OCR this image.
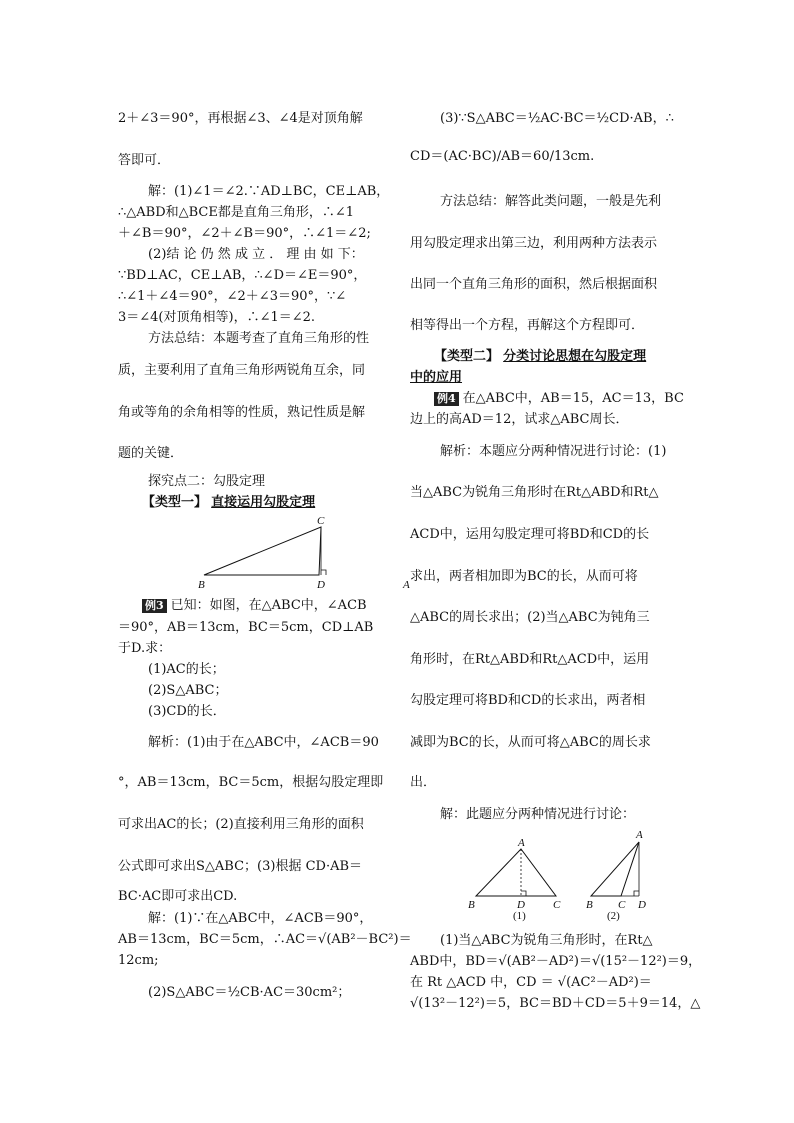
2＋∠3＝90°，再根据∠3、∠4是对顶角解
答即可．
解：(1)∠1＝∠2.∵AD⊥BC，CE⊥AB，
∴△ABD和△BCE都是直角三角形，∴∠1
＋∠B＝90°，∠2＋∠B＝90°，∴∠1＝∠2;
(2)结 论 仍 然 成 立 ． 理 由 如 下：
∵BD⊥AC，CE⊥AB，∴∠D＝∠E＝90°，
∴∠1＋∠4＝90°，∠2＋∠3＝90°，∵∠
3＝∠4(对顶角相等)，∴∠1＝∠2.
方法总结：本题考查了直角三角形的性
质，主要利用了直角三角形两锐角互余，同
角或等角的余角相等的性质，熟记性质是解
题的关键．
探究点二：勾股定理
【类型一】 直接运用勾股定理
C
B	D	A
例3 已知：如图，在△ABC中，∠ACB
＝90°，AB＝13cm，BC＝5cm，CD⊥AB
于D.求：
(1)AC的长；
(2)S△ABC；
(3)CD的长．
解析：(1)由于在△ABC中，∠ACB＝90
°，AB＝13cm，BC＝5cm，根据勾股定理即
可求出AC的长；(2)直接利用三角形的面积
公式即可求出S△ABC；(3)根据 CD·AB＝
BC·AC即可求出CD.
解：(1)∵在△ABC中，∠ACB＝90°，
AB＝13cm，BC＝5cm，∴AC＝√(AB²－BC²)＝
12cm;
(2)S△ABC＝½CB·AC＝30cm²；
(3)∵S△ABC＝½AC·BC＝½CD·AB，∴
CD＝(AC·BC)/AB＝60/13cm.
方法总结：解答此类问题，一般是先利
用勾股定理求出第三边，利用两种方法表示
出同一个直角三角形的面积，然后根据面积
相等得出一个方程，再解这个方程即可．
【类型二】 分类讨论思想在勾股定理
中的应用
例4 在△ABC中，AB＝15，AC＝13，BC
边上的高AD＝12，试求△ABC周长．
解析：本题应分两种情况进行讨论：(1)
当△ABC为锐角三角形时在Rt△ABD和Rt△
ACD中，运用勾股定理可将BD和CD的长
求出，两者相加即为BC的长，从而可将
△ABC的周长求出；(2)当△ABC为钝角三
角形时，在Rt△ABD和Rt△ACD中，运用
勾股定理可将BD和CD的长求出，两者相
减即为BC的长，从而可将△ABC的周长求
出．
解：此题应分两种情况进行讨论：
A
B	D	C
(1)
A
B C D
(2)
(1)当△ABC为锐角三角形时，在Rt△
ABD中，BD＝√(AB²－AD²)＝√(15²－12²)＝9，
在 Rt △ACD 中，CD ＝ √(AC²－AD²)＝
√(13²－12²)＝5，BC＝BD＋CD＝5＋9＝14，△
